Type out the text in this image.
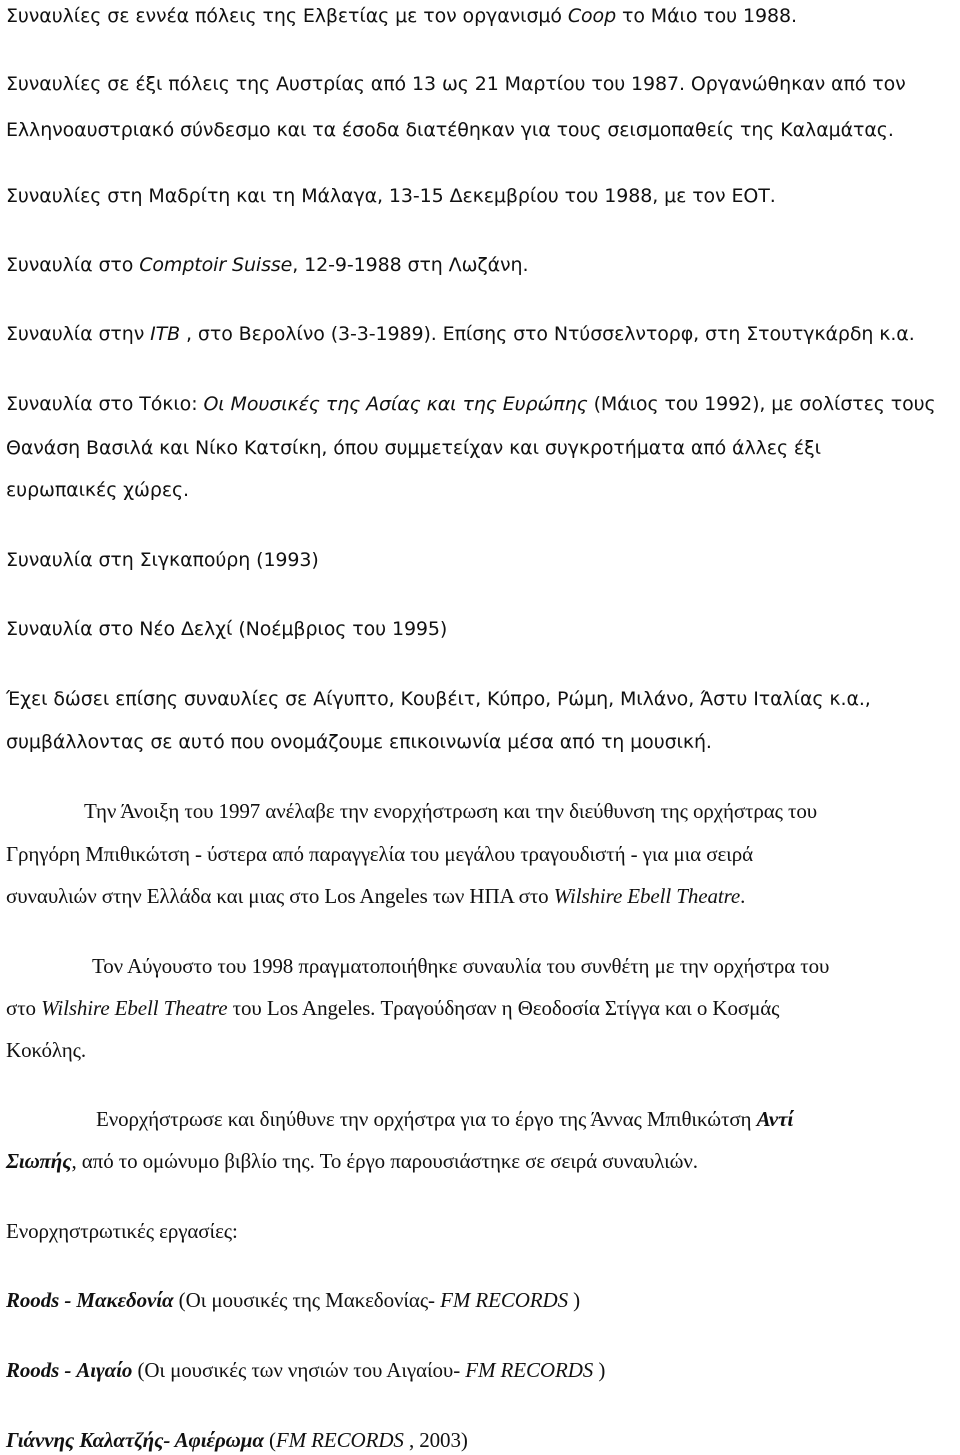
Συναυλίες σε εννέα πόλεις της Ελβετίας με τον οργανισμό Coop το Μάιο του 1988.
Συναυλίες σε έξι πόλεις της Αυστρίας από 13 ως 21 Μαρτίου του 1987. Οργανώθηκαν από τον
Ελληνοαυστριακό σύνδεσμο και τα έσοδα διατέθηκαν για τους σεισμοπαθείς της Καλαμάτας.
Συναυλίες στη Μαδρίτη και τη Μάλαγα, 13-15 Δεκεμβρίου του 1988, με τον ΕΟΤ.
Συναυλία στο Comptoir Suisse, 12-9-1988 στη Λωζάνη.
Συναυλία στην ITB , στο Βερολίνο (3-3-1989). Επίσης στο Ντύσσελντορφ, στη Στουτγκάρδη κ.α.
Συναυλία στο Τόκιο: Οι Μουσικές της Ασίας και της Ευρώπης (Μάιος του 1992), με σολίστες τους
Θανάση Βασιλά και Νίκο Κατσίκη, όπου συμμετείχαν και συγκροτήματα από άλλες έξι
ευρωπαικές χώρες.
Συναυλία στη Σιγκαπούρη (1993)
Συναυλία στο Νέο Δελχί (Νοέμβριος του 1995)
Έχει δώσει επίσης συναυλίες σε Αίγυπτο, Κουβέιτ, Κύπρο, Ρώμη, Μιλάνο, Άστυ Ιταλίας κ.α.,
συμβάλλοντας σε αυτό που ονομάζουμε επικοινωνία μέσα από τη μουσική.
Την Άνοιξη του 1997 ανέλαβε την ενορχήστρωση και την διεύθυνση της ορχήστρας του
Γρηγόρη Μπιθικώτση - ύστερα από παραγγελία του μεγάλου τραγουδιστή - για μια σειρά
συναυλιών στην Ελλάδα και μιας στο Los Angeles των ΗΠΑ στο Wilshire Ebell Theatre.
Τον Αύγουστο του 1998 πραγματοποιήθηκε συναυλία του συνθέτη με την ορχήστρα του
στο Wilshire Ebell Theatre του Los Angeles. Τραγούδησαν η Θεοδοσία Στίγγα και ο Κοσμάς
Κοκόλης.
Ενορχήστρωσε και διηύθυνε την ορχήστρα για το έργο της Άννας Μπιθικώτση Αντί
Σιωπής, από το ομώνυμο βιβλίο της. Το έργο παρουσιάστηκε σε σειρά συναυλιών.
Ενορχηστρωτικές εργασίες:
Roods - Μακεδονία (Οι μουσικές της Μακεδονίας- FM RECORDS )
Roods - Αιγαίο (Οι μουσικές των νησιών του Αιγαίου- FM RECORDS )
Γιάννης Καλατζής- Αφιέρωμα (FM RECORDS , 2003)
